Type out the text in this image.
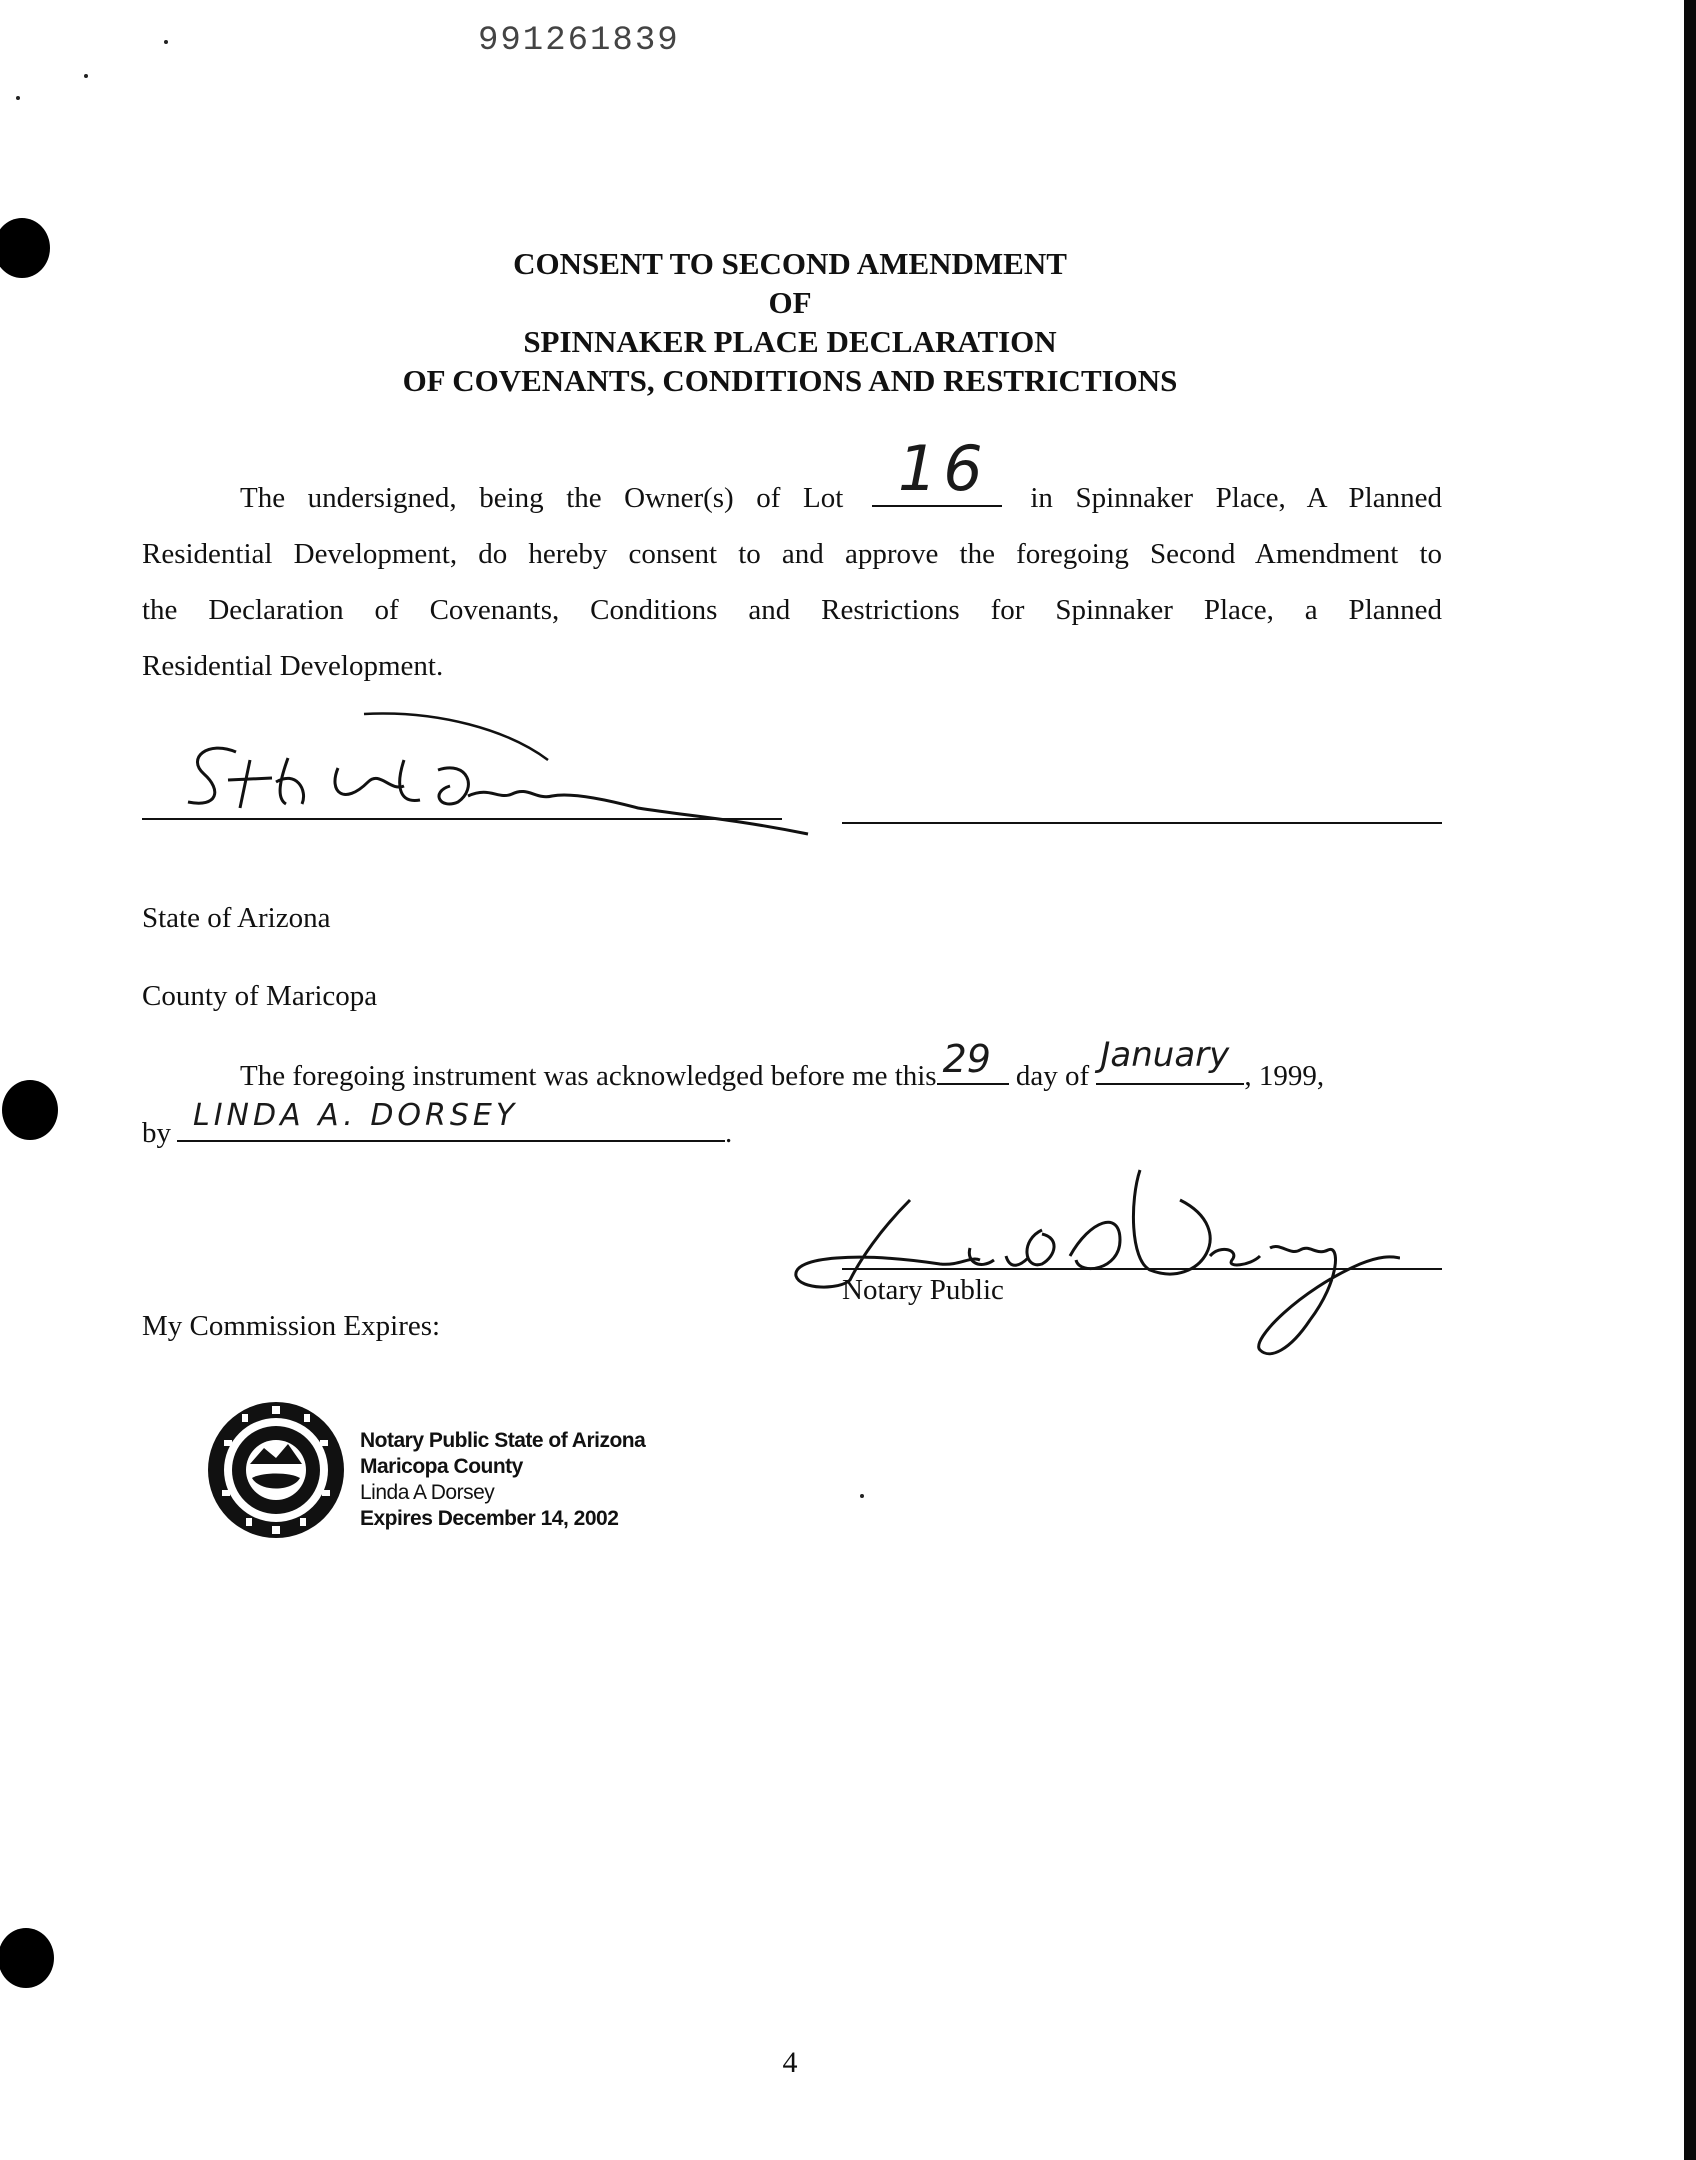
991261839
CONSENT TO SECOND AMENDMENT
OF
SPINNAKER PLACE DECLARATION
OF COVENANTS, CONDITIONS AND RESTRICTIONS
The undersigned, being the Owner(s) of Lot 16 in Spinnaker Place, A Planned
Residential Development, do hereby consent to and approve the foregoing Second Amendment to
the Declaration of Covenants, Conditions and Restrictions for Spinnaker Place, a Planned
Residential Development.
State of Arizona
County of Maricopa
The foregoing instrument was acknowledged before me this 29 day of
January
, 1999,
by LINDA A. DORSEY	.
Notary Public
My Commission Expires:
Notary Public State of Arizona
Maricopa County
Linda A Dorsey
Expires December 14, 2002
4
